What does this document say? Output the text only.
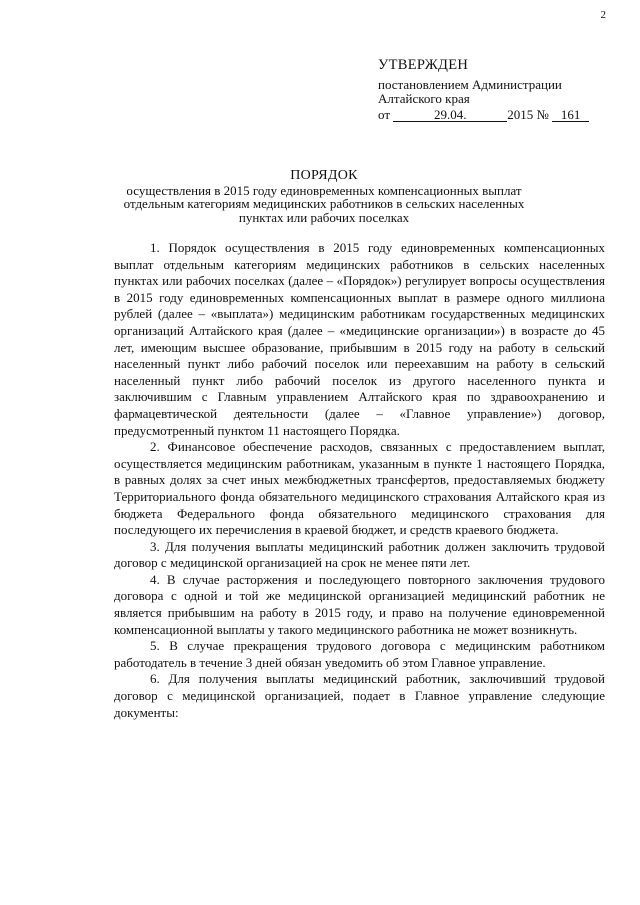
2
УТВЕРЖДЕН
постановлением Администрации
Алтайского края
от	29.04.	2015 № 161
ПОРЯДОК
осуществления в 2015 году единовременных компенсационных выплат
отдельным категориям медицинских работников в сельских населенных
пунктах или рабочих поселках

1. Порядок осуществления в 2015 году единовременных компенсационных выплат отдельным категориям медицинских работников в сельских населенных пунктах или рабочих поселках (далее – «Порядок») регулирует вопросы осуществления в 2015 году единовременных компенсационных выплат в размере одного миллиона рублей (далее – «выплата») медицинским работникам государственных медицинских организаций Алтайского края (далее – «медицинские организации») в возрасте до 45 лет, имеющим высшее образование, прибывшим в 2015 году на работу в сельский населенный пункт либо рабочий поселок или переехавшим на работу в сельский населенный пункт либо рабочий поселок из другого населенного пункта и заключившим с Главным управлением Алтайского края по здравоохранению и фармацевтической деятельности (далее – «Главное управление») договор, предусмотренный пунктом 11 настоящего Порядка.

2. Финансовое обеспечение расходов, связанных с предоставлением выплат, осуществляется медицинским работникам, указанным в пункте 1 настоящего Порядка, в равных долях за счет иных межбюджетных трансфертов, предоставляемых бюджету Территориального фонда обязательного медицинского страхования Алтайского края из бюджета Федерального фонда обязательного медицинского страхования для последующего их перечисления в краевой бюджет, и средств краевого бюджета.

3. Для получения выплаты медицинский работник должен заключить трудовой договор с медицинской организацией на срок не менее пяти лет.

4. В случае расторжения и последующего повторного заключения трудового договора с одной и той же медицинской организацией медицинский работник не является прибывшим на работу в 2015 году, и право на получение единовременной компенсационной выплаты у такого медицинского работника не может возникнуть.

5. В случае прекращения трудового договора с медицинским работником работодатель в течение 3 дней обязан уведомить об этом Главное управление.

6. Для получения выплаты медицинский работник, заключивший трудовой договор с медицинской организацией, подает в Главное управление следующие документы:
